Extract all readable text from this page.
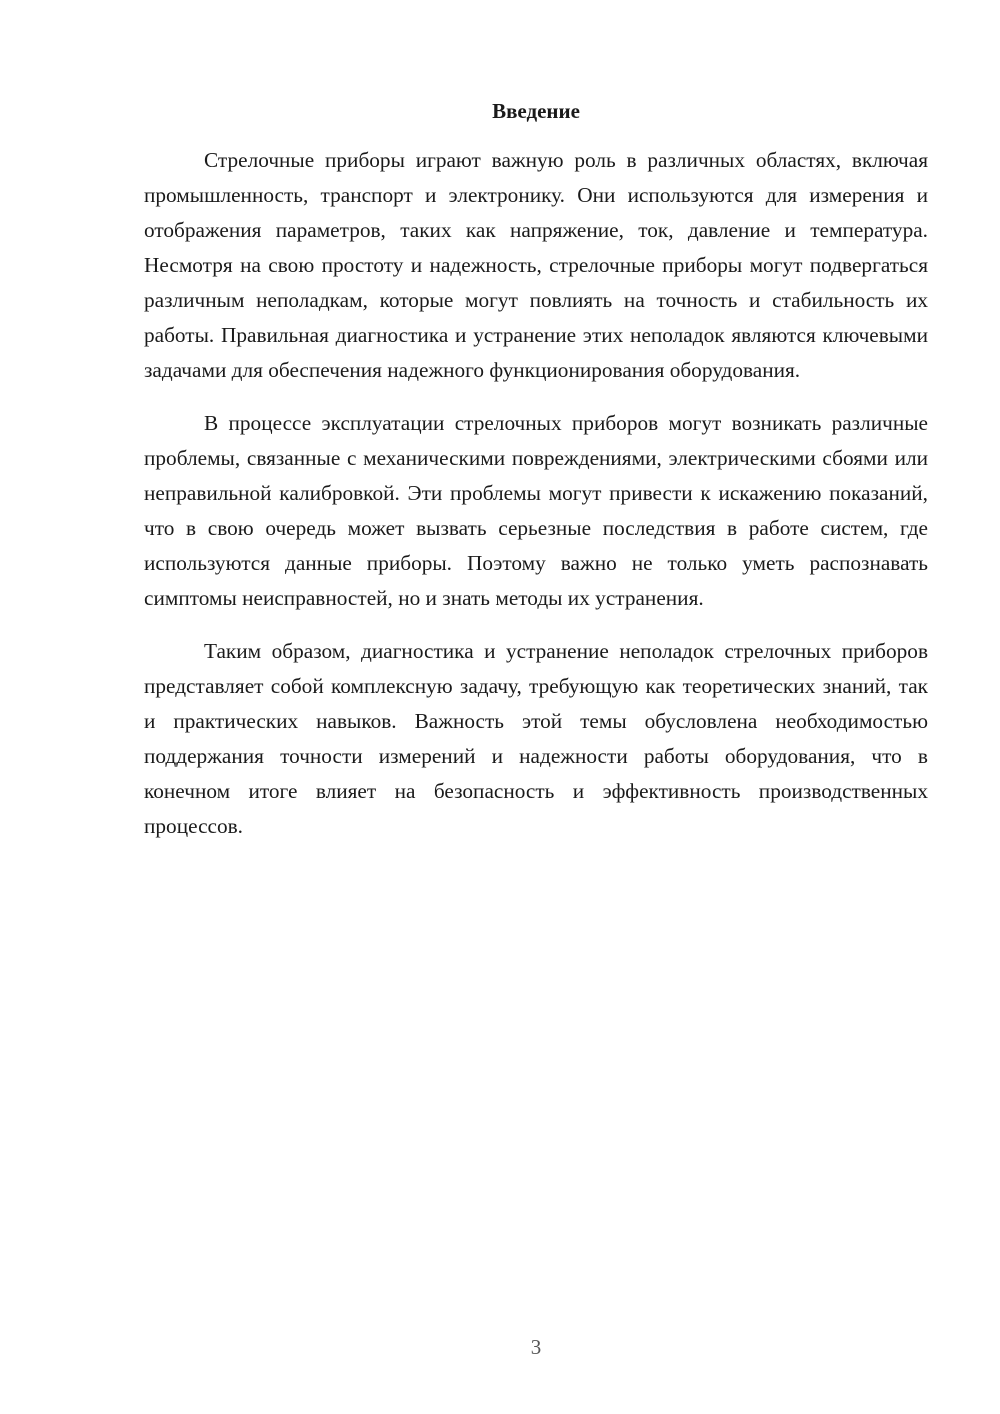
Введение

Стрелочные приборы играют важную роль в различных областях, включая промышленность, транспорт и электронику. Они используются для измерения и отображения параметров, таких как напряжение, ток, давление и температура. Несмотря на свою простоту и надежность, стрелочные приборы могут подвергаться различным неполадкам, которые могут повлиять на точность и стабильность их работы. Правильная диагностика и устранение этих неполадок являются ключевыми задачами для обеспечения надежного функционирования оборудования.

В процессе эксплуатации стрелочных приборов могут возникать различные проблемы, связанные с механическими повреждениями, электрическими сбоями или неправильной калибровкой. Эти проблемы могут привести к искажению показаний, что в свою очередь может вызвать серьезные последствия в работе систем, где используются данные приборы. Поэтому важно не только уметь распознавать симптомы неисправностей, но и знать методы их устранения.

Таким образом, диагностика и устранение неполадок стрелочных приборов представляет собой комплексную задачу, требующую как теоретических знаний, так и практических навыков. Важность этой темы обусловлена необходимостью поддержания точности измерений и надежности работы оборудования, что в конечном итоге влияет на безопасность и эффективность производственных процессов.

3
